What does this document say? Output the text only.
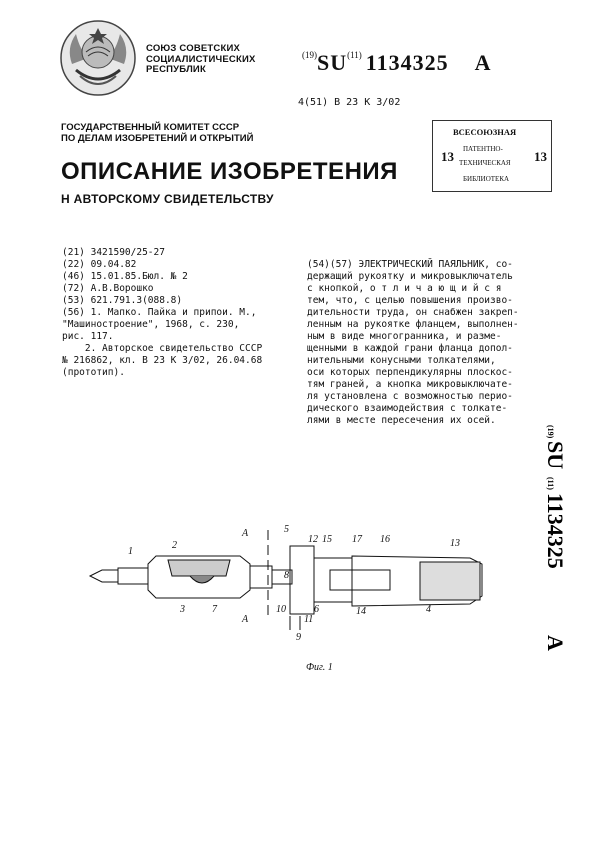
СОЮЗ СОВЕТСКИХ
СОЦИАЛИСТИЧЕСКИХ
РЕСПУБЛИК
$^{(19)}$SU$^{(11)}$ 1134325 A
4(51) В 23 К 3/02
ГОСУДАРСТВЕННЫЙ КОМИТЕТ СССР
ПО ДЕЛАМ ИЗОБРЕТЕНИЙ И ОТКРЫТИЙ
ВСЕСОЮЗНАЯ
ПАТЕНТНО-
ТЕХНИЧЕСКАЯ
БИБЛИОТЕКА
13	13
ОПИСАНИЕ ИЗОБРЕТЕНИЯ
Н АВТОРСКОМУ СВИДЕТЕЛЬСТВУ
(21) 3421590/25-27
(22) 09.04.82
(46) 15.01.85.Бюл. № 2
(72) А.В.Ворошко
(53) 621.791.3(088.8)
(56) 1. Мапко. Пайка и припои. М.,
"Машиностроение", 1968, с. 230,
рис. 117.
2. Авторское свидетельство СССР
№ 216862, кл. В 23 К 3/02, 26.04.68
(прототип).

(54)(57) ЭЛЕКТРИЧЕСКИЙ ПАЯЛЬНИК, со-
держащий рукоятку и микровыключатель
с кнопкой, о т л и ч а ю щ и й с я
тем, что, с целью повышения произво-
дительности труда, он снабжен закреп-
ленным на рукоятке фланцем, выполнен-
ным в виде многогранника, и разме-
щенными в каждой грани фланца допол-
нительными конусными толкателями,
оси которых перпендикулярны плоскос-
тям граней, а кнопка микровыключате-
ля установлена с возможностью перио-
дического взаимодействия с толкате-
лями в месте пересечения их осей.

(19)
SU
(11)
1134325
A
1
2
3	7
5
12 15 17 16	13
8
6
11
10
9
14	4
А
А
Фиг. 1
